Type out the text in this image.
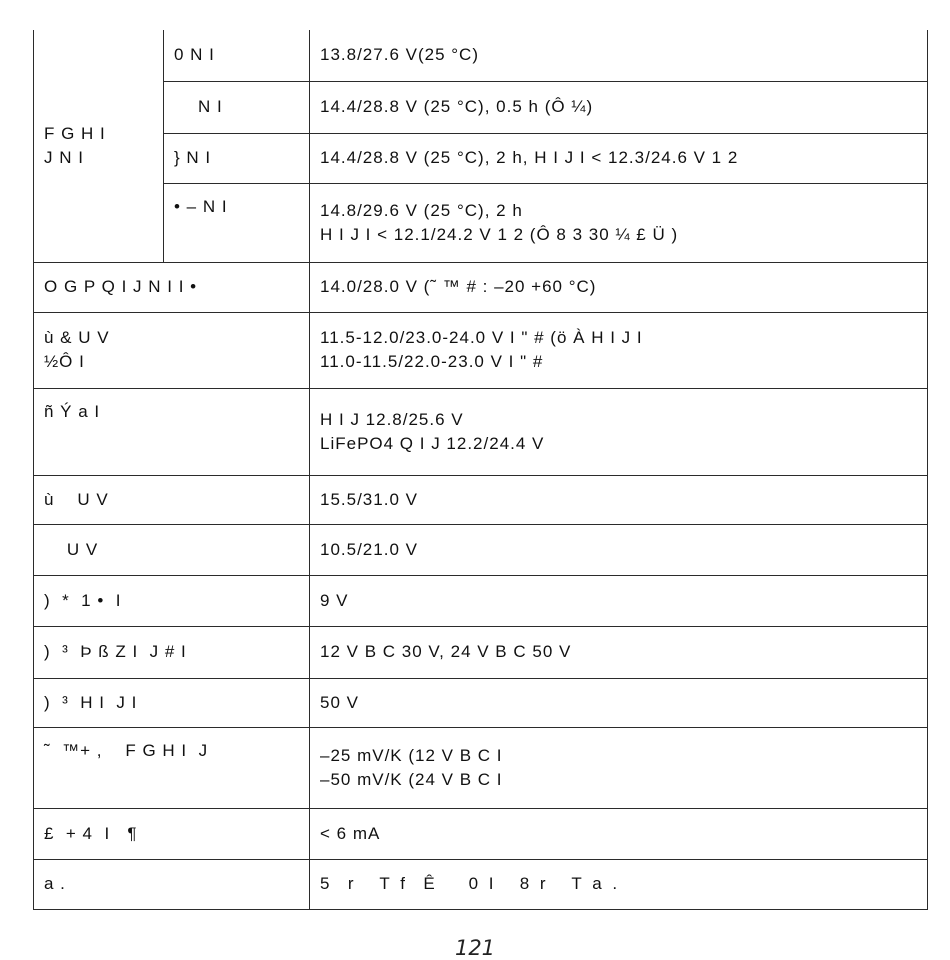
F G H I
J N I	0 N I	13.8/27.6 V(25 °C)

	N I	14.4/28.8 V (25 °C), 0.5 h (Ô ¼)

	} N I	14.4/28.8 V (25 °C), 2 h, H I J I < 12.3/24.6 V 1 2

	• – N I	14.8/29.6 V (25 °C), 2 h
H I J I < 12.1/24.2 V 1 2 (Ô 8 3 30 ¼ £ Ü )

O G P Q I J N I I •		14.0/28.0 V (˜ ™ # : –20 +60 °C)

ù & U V
½Ô I		11.5-12.0/23.0-24.0 V I " # (ö À H I J I
11.0-11.5/22.0-23.0 V I " #

ñ Ý a I		H I J 12.8/25.6 V
LiFePO4 Q I J 12.2/24.4 V

ù    U V		15.5/31.0 V

U V		10.5/21.0 V

)  *  1 •  I		9 V

)  ³  Þ ß Z I  J # I		12 V B C 30 V, 24 V B C 50 V

)  ³  H I  J I		50 V

˜  ™+ ,    F G H I  J		–25 mV/K (12 V B C I
–50 mV/K (24 V B C I

£  + 4  I   ¶		< 6 mA

a .		5  r   T f  Ê    0 I   8 r   T a .
121
